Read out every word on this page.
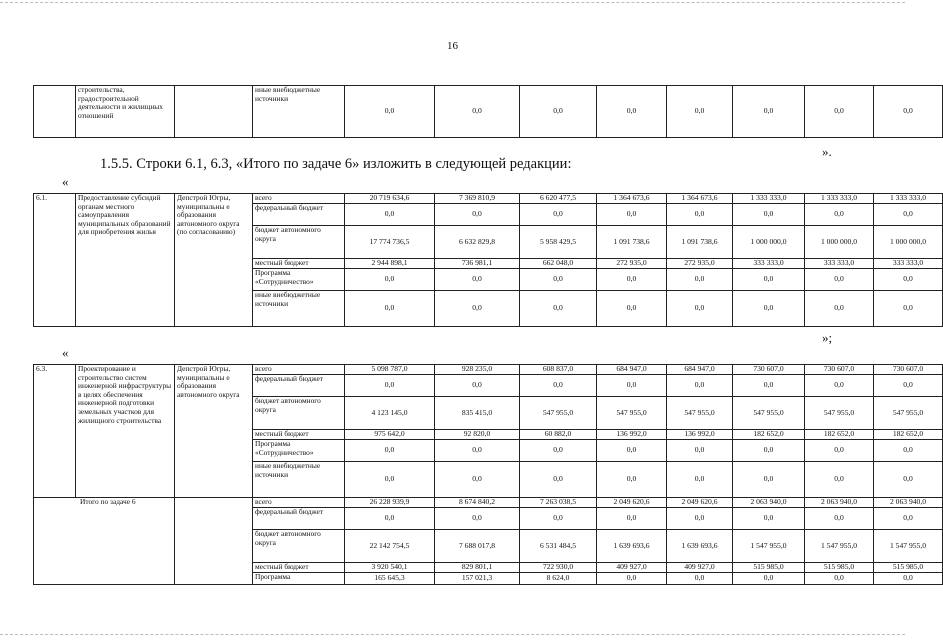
16
	строительства, градостроительной деятельности и жилищных отношений		иные внебюджетные источники	0,0	0,0	0,0	0,0	0,0	0,0	0,0	0,0
1.5.5. Строки 6.1, 6.3, «Итого по задаче 6» изложить в следующей редакции:
».
«
6.1.	Предоставление субсидий органам местного самоуправления муниципальных образований для приобретения жилья	Депстрой Югры, муниципальны е образования автономного округа (по согласованию)	всего	20 719 634,6	7 369 810,9	6 620 477,5	1 364 673,6	1 364 673,6	1 333 333,0	1 333 333,0	1 333 333,0
			федеральный бюджет	0,0	0,0	0,0	0,0	0,0	0,0	0,0	0,0
			бюджет автономного округа	17 774 736,5	6 632 829,8	5 958 429,5	1 091 738,6	1 091 738,6	1 000 000,0	1 000 000,0	1 000 000,0
			местный бюджет	2 944 898,1	736 981,1	662 048,0	272 935,0	272 935,0	333 333,0	333 333,0	333 333,0
			Программа «Сотрудничество»	0,0	0,0	0,0	0,0	0,0	0,0	0,0	0,0
			иные внебюджетные источники	0,0	0,0	0,0	0,0	0,0	0,0	0,0	0,0
»;
«
6.3.	Проектирование и строительство систем инженерной инфраструктуры в целях обеспечения инженерной подготовки земельных участков для жилищного строительства	Депстрой Югры, муниципальны е образования автономного округа	всего	5 098 787,0	928 235,0	608 837,0	684 947,0	684 947,0	730 607,0	730 607,0	730 607,0
			федеральный бюджет	0,0	0,0	0,0	0,0	0,0	0,0	0,0	0,0
			бюджет автономного округа	4 123 145,0	835 415,0	547 955,0	547 955,0	547 955,0	547 955,0	547 955,0	547 955,0
			местный бюджет	975 642,0	92 820,0	60 882,0	136 992,0	136 992,0	182 652,0	182 652,0	182 652,0
			Программа «Сотрудничество»	0,0	0,0	0,0	0,0	0,0	0,0	0,0	0,0
			иные внебюджетные источники	0,0	0,0	0,0	0,0	0,0	0,0	0,0	0,0
Итого по задаче 6			всего	26 228 939,9	8 674 840,2	7 263 038,5	2 049 620,6	2 049 620,6	2 063 940,0	2 063 940,0	2 063 940,0
			федеральный бюджет	0,0	0,0	0,0	0,0	0,0	0,0	0,0	0,0
			бюджет автономного округа	22 142 754,5	7 688 017,8	6 531 484,5	1 639 693,6	1 639 693,6	1 547 955,0	1 547 955,0	1 547 955,0
			местный бюджет	3 920 540,1	829 801,1	722 930,0	409 927,0	409 927,0	515 985,0	515 985,0	515 985,0
			Программа	165 645,3	157 021,3	8 624,0	0,0	0,0	0,0	0,0	0,0
